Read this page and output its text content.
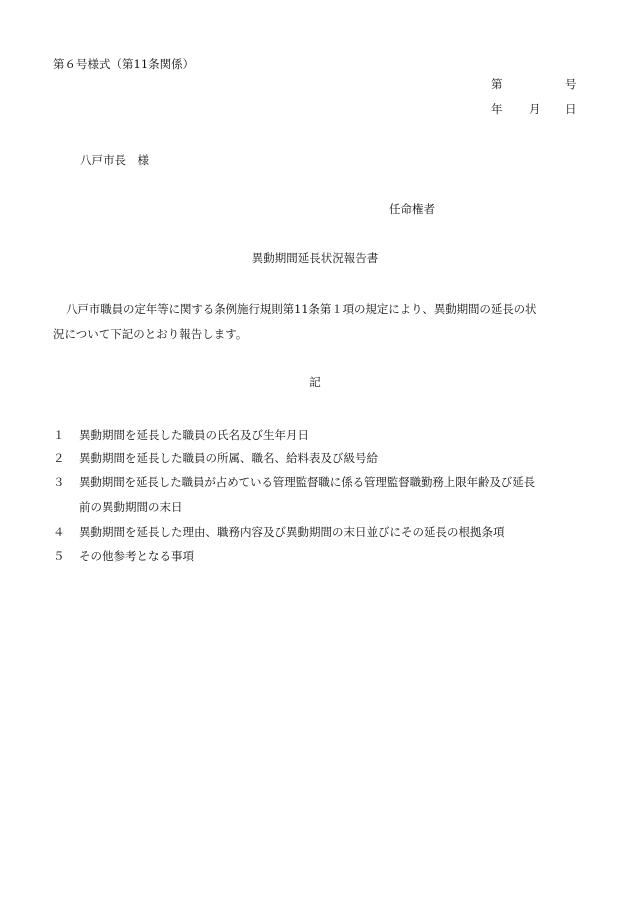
第６号様式（第11条関係）
第	号
年 月 日
八戸市長　様
任命権者
異動期間延長状況報告書
八戸市職員の定年等に関する条例施行規則第11条第１項の規定により、異動期間の延長の状
況について下記のとおり報告します。
記
１ 異動期間を延長した職員の氏名及び生年月日
２ 異動期間を延長した職員の所属、職名、給料表及び級号給
３ 異動期間を延長した職員が占めている管理監督職に係る管理監督職勤務上限年齢及び延長
前の異動期間の末日
４ 異動期間を延長した理由、職務内容及び異動期間の末日並びにその延長の根拠条項
５ その他参考となる事項
